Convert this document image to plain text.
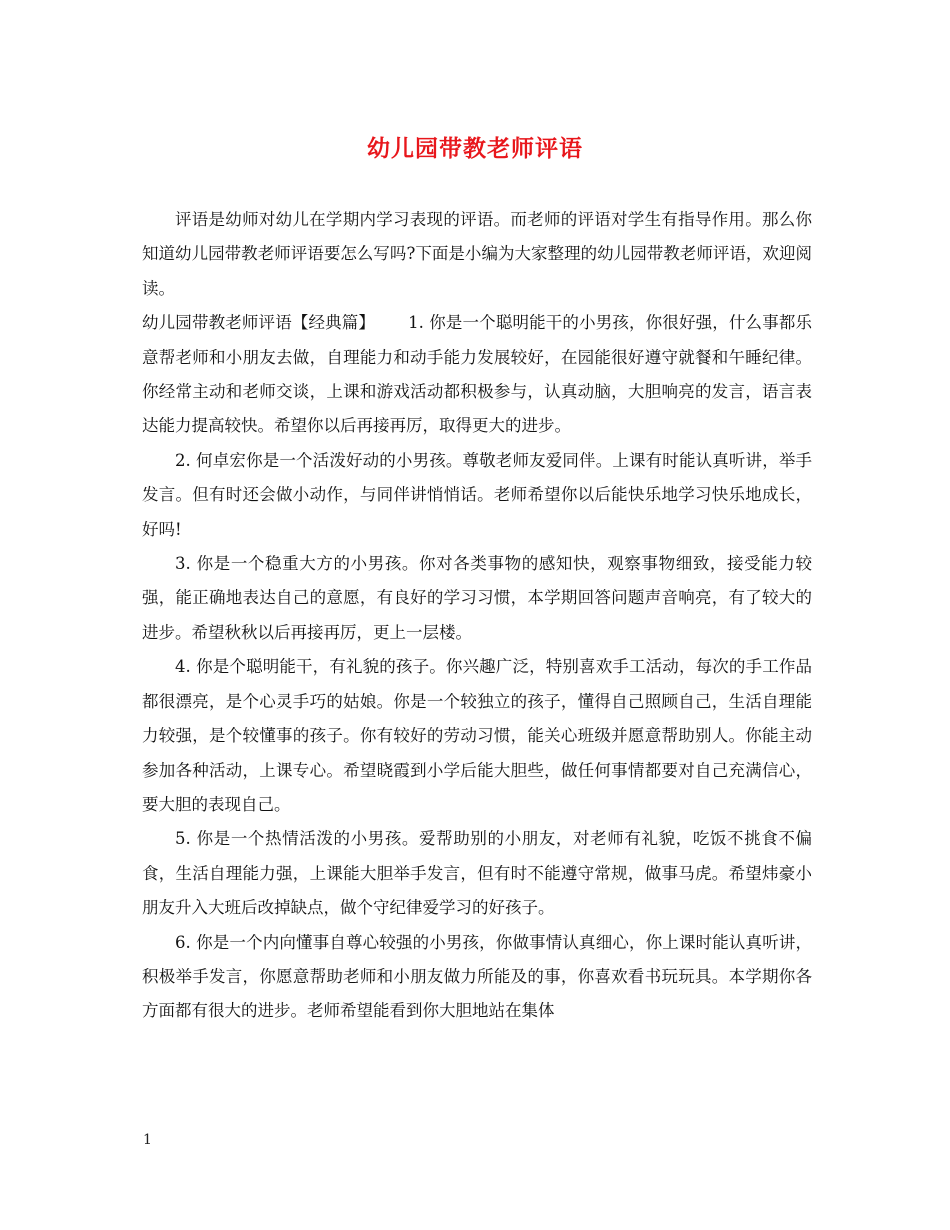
幼儿园带教老师评语

评语是幼师对幼儿在学期内学习表现的评语。而老师的评语对学生有指导作用。那么你知道幼儿园带教老师评语要怎么写吗?下面是小编为大家整理的幼儿园带教老师评语，欢迎阅读。

幼儿园带教老师评语【经典篇】   1. 你是一个聪明能干的小男孩，你很好强，什么事都乐意帮老师和小朋友去做，自理能力和动手能力发展较好，在园能很好遵守就餐和午睡纪律。你经常主动和老师交谈，上课和游戏活动都积极参与，认真动脑，大胆响亮的发言，语言表达能力提高较快。希望你以后再接再厉，取得更大的进步。

2. 何卓宏你是一个活泼好动的小男孩。尊敬老师友爱同伴。上课有时能认真听讲，举手发言。但有时还会做小动作，与同伴讲悄悄话。老师希望你以后能快乐地学习快乐地成长，好吗!

3. 你是一个稳重大方的小男孩。你对各类事物的感知快，观察事物细致，接受能力较强，能正确地表达自己的意愿，有良好的学习习惯，本学期回答问题声音响亮，有了较大的进步。希望秋秋以后再接再厉，更上一层楼。

4. 你是个聪明能干，有礼貌的孩子。你兴趣广泛，特别喜欢手工活动，每次的手工作品都很漂亮，是个心灵手巧的姑娘。你是一个较独立的孩子，懂得自己照顾自己，生活自理能力较强，是个较懂事的孩子。你有较好的劳动习惯，能关心班级并愿意帮助别人。你能主动参加各种活动，上课专心。希望晓霞到小学后能大胆些，做任何事情都要对自己充满信心，要大胆的表现自己。

5. 你是一个热情活泼的小男孩。爱帮助别的小朋友，对老师有礼貌，吃饭不挑食不偏食，生活自理能力强，上课能大胆举手发言，但有时不能遵守常规，做事马虎。希望炜豪小朋友升入大班后改掉缺点，做个守纪律爱学习的好孩子。

6. 你是一个内向懂事自尊心较强的小男孩，你做事情认真细心，你上课时能认真听讲，积极举手发言，你愿意帮助老师和小朋友做力所能及的事，你喜欢看书玩玩具。本学期你各方面都有很大的进步。老师希望能看到你大胆地站在集体

1
